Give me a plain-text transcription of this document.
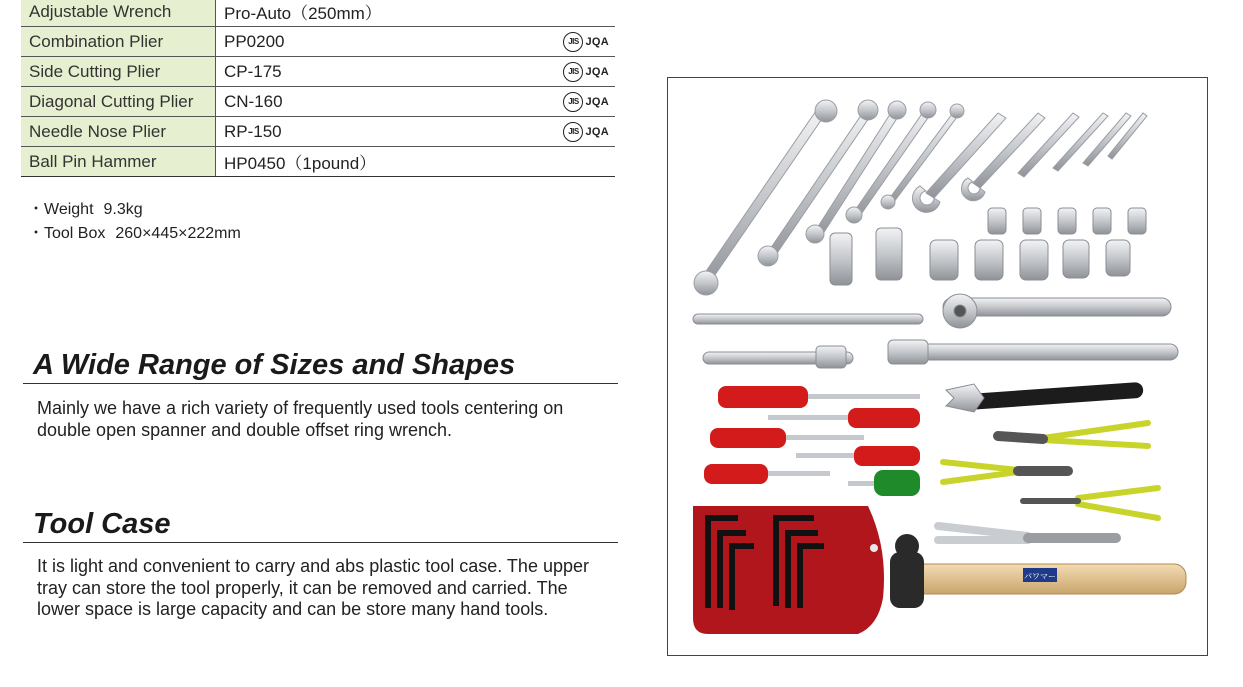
Adjustable Wrench	Pro-Auto（250mm）
Combination Plier	PP0200 JIS JQA

Side Cutting Plier	CP-175 JIS JQA

Diagonal Cutting Plier	CN-160 JIS JQA

Needle Nose Plier	RP-150 JIS JQA

Ball Pin Hammer	HP0450（1pound）
・Weight 9.3kg
・Tool Box 260×445×222mm
A Wide Range of Sizes and Shapes

Mainly we have a rich variety of frequently used tools centering on double open spanner and double offset ring wrench.

Tool Case

It is light and convenient to carry and abs plastic tool case. The upper tray can store the tool properly, it can be removed and carried. The lower space is large capacity and can be store many hand tools.

パワマー
